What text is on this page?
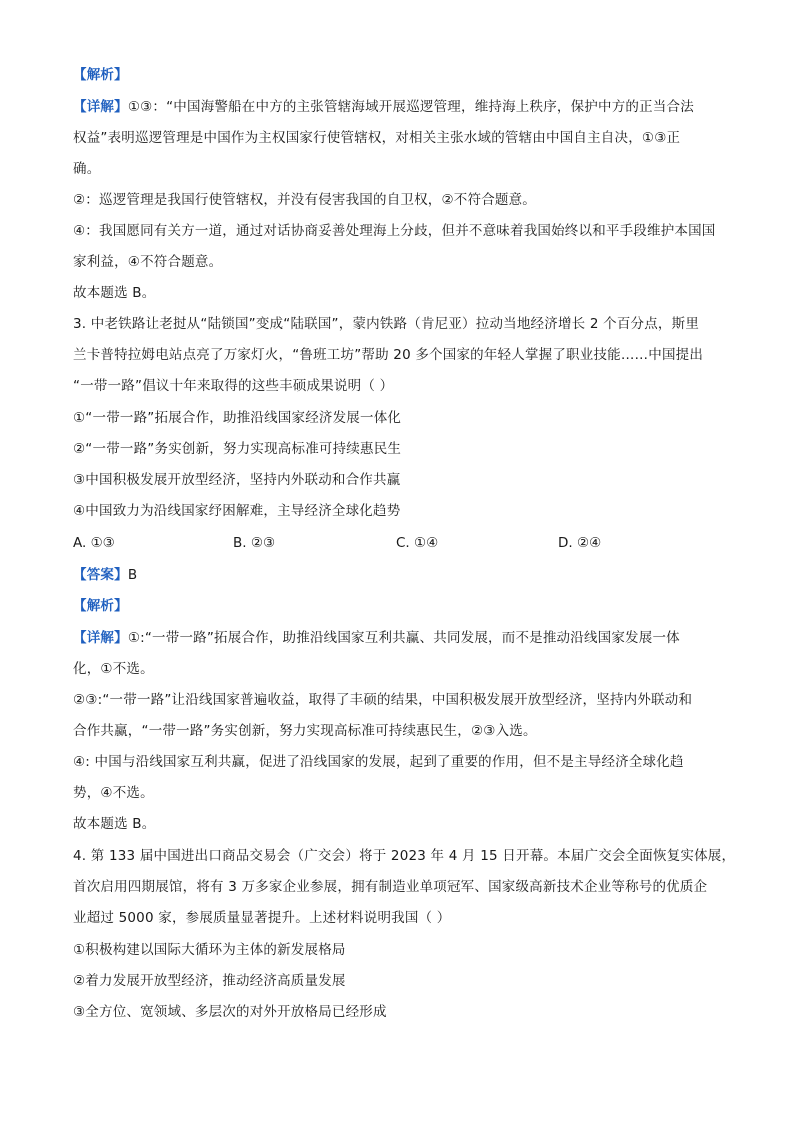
【解析】
【详解】①③：“中国海警船在中方的主张管辖海域开展巡逻管理，维持海上秩序，保护中方的正当合法
权益”表明巡逻管理是中国作为主权国家行使管辖权，对相关主张水域的管辖由中国自主自决，①③正
确。
②：巡逻管理是我国行使管辖权，并没有侵害我国的自卫权，②不符合题意。
④：我国愿同有关方一道，通过对话协商妥善处理海上分歧，但并不意味着我国始终以和平手段维护本国国
家利益，④不符合题意。
故本题选 B。
3. 中老铁路让老挝从“陆锁国”变成“陆联国”，蒙内铁路（肯尼亚）拉动当地经济增长 2 个百分点，斯里
兰卡普特拉姆电站点亮了万家灯火，“鲁班工坊”帮助 20 多个国家的年轻人掌握了职业技能……中国提出
“一带一路”倡议十年来取得的这些丰硕成果说明（ ）
①“一带一路”拓展合作，助推沿线国家经济发展一体化
②“一带一路”务实创新，努力实现高标准可持续惠民生
③中国积极发展开放型经济，坚持内外联动和合作共赢
④中国致力为沿线国家纾困解难，主导经济全球化趋势
A. ①③	B. ②③	C. ①④	D. ②④
【答案】B
【解析】
【详解】①:“一带一路”拓展合作，助推沿线国家互利共赢、共同发展，而不是推动沿线国家发展一体
化，①不选。
②③:“一带一路”让沿线国家普遍收益，取得了丰硕的结果，中国积极发展开放型经济，坚持内外联动和
合作共赢，“一带一路”务实创新，努力实现高标准可持续惠民生，②③入选。
④: 中国与沿线国家互利共赢，促进了沿线国家的发展，起到了重要的作用，但不是主导经济全球化趋
势，④不选。
故本题选 B。
4. 第 133 届中国进出口商品交易会（广交会）将于 2023 年 4 月 15 日开幕。本届广交会全面恢复实体展，
首次启用四期展馆，将有 3 万多家企业参展，拥有制造业单项冠军、国家级高新技术企业等称号的优质企
业超过 5000 家，参展质量显著提升。上述材料说明我国（ ）
①积极构建以国际大循环为主体的新发展格局
②着力发展开放型经济，推动经济高质量发展
③全方位、宽领域、多层次的对外开放格局已经形成
